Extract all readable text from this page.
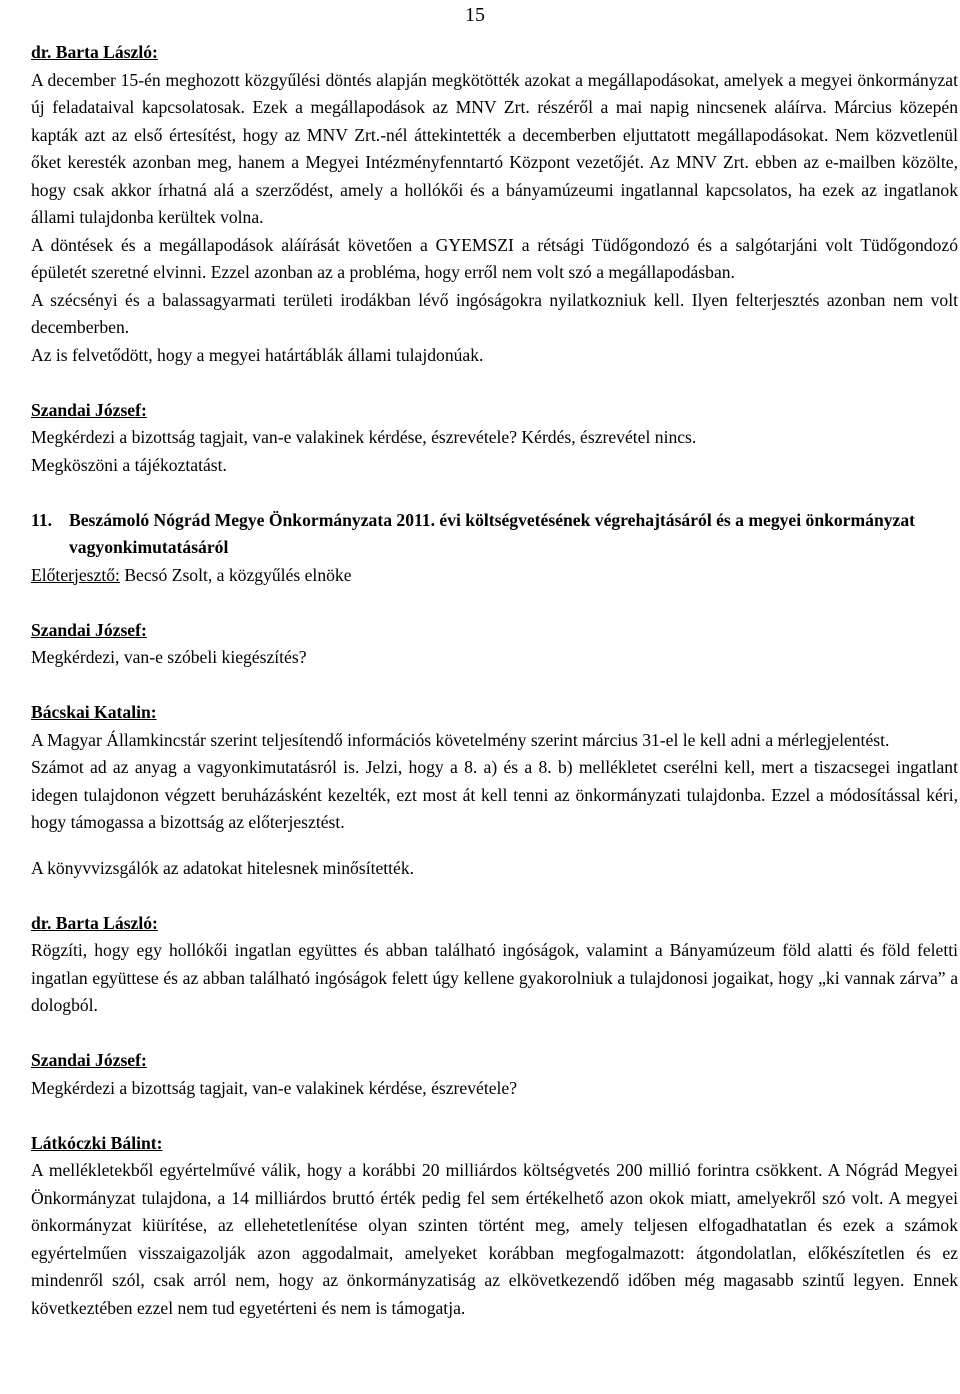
15

dr. Barta László:

A december 15-én meghozott közgyűlési döntés alapján megkötötték azokat a megállapodásokat, amelyek a megyei önkormányzat új feladataival kapcsolatosak. Ezek a megállapodások az MNV Zrt. részéről a mai napig nincsenek aláírva. Március közepén kapták azt az első értesítést, hogy az MNV Zrt.-nél áttekintették a decemberben eljuttatott megállapodásokat. Nem közvetlenül őket keresték azonban meg, hanem a Megyei Intézményfenntartó Központ vezetőjét. Az MNV Zrt. ebben az e-mailben közölte, hogy csak akkor írhatná alá a szerződést, amely a hollókői és a bányamúzeumi ingatlannal kapcsolatos, ha ezek az ingatlanok állami tulajdonba kerültek volna.

A döntések és a megállapodások aláírását követően a GYEMSZI a rétsági Tüdőgondozó és a salgótarjáni volt Tüdőgondozó épületét szeretné elvinni. Ezzel azonban az a probléma, hogy erről nem volt szó a megállapodásban.

A szécsényi és a balassagyarmati területi irodákban lévő ingóságokra nyilatkozniuk kell. Ilyen felterjesztés azonban nem volt decemberben.

Az is felvetődött, hogy a megyei határtáblák állami tulajdonúak.

Szandai József:

Megkérdezi a bizottság tagjait, van-e valakinek kérdése, észrevétele? Kérdés, észrevétel nincs.

Megköszöni a tájékoztatást.

11. Beszámoló Nógrád Megye Önkormányzata 2011. évi költségvetésének végrehajtásáról és a megyei önkormányzat vagyonkimutatásáról

Előterjesztő: Becsó Zsolt, a közgyűlés elnöke

Szandai József:

Megkérdezi, van-e szóbeli kiegészítés?

Bácskai Katalin:

A Magyar Államkincstár szerint teljesítendő információs követelmény szerint március 31-el le kell adni a mérlegjelentést.

Számot ad az anyag a vagyonkimutatásról is. Jelzi, hogy a 8. a) és a 8. b) mellékletet cserélni kell, mert a tiszacsegei ingatlant idegen tulajdonon végzett beruházásként kezelték, ezt most át kell tenni az önkormányzati tulajdonba. Ezzel a módosítással kéri, hogy támogassa a bizottság az előterjesztést.

A könyvvizsgálók az adatokat hitelesnek minősítették.

dr. Barta László:

Rögzíti, hogy egy hollókői ingatlan együttes és abban található ingóságok, valamint a Bányamúzeum föld alatti és föld feletti ingatlan együttese és az abban található ingóságok felett úgy kellene gyakorolniuk a tulajdonosi jogaikat, hogy „ki vannak zárva” a dologból.

Szandai József:

Megkérdezi a bizottság tagjait, van-e valakinek kérdése, észrevétele?

Látkóczki Bálint:

A mellékletekből egyértelművé válik, hogy a korábbi 20 milliárdos költségvetés 200 millió forintra csökkent. A Nógrád Megyei Önkormányzat tulajdona, a 14 milliárdos bruttó érték pedig fel sem értékelhető azon okok miatt, amelyekről szó volt. A megyei önkormányzat kiürítése, az ellehetetlenítése olyan szinten történt meg, amely teljesen elfogadhatatlan és ezek a számok egyértelműen visszaigazolják azon aggodalmait, amelyeket korábban megfogalmazott: átgondolatlan, előkészítetlen és ez mindenről szól, csak arról nem, hogy az önkormányzatiság az elkövetkezendő időben még magasabb szintű legyen. Ennek következtében ezzel nem tud egyetérteni és nem is támogatja.
